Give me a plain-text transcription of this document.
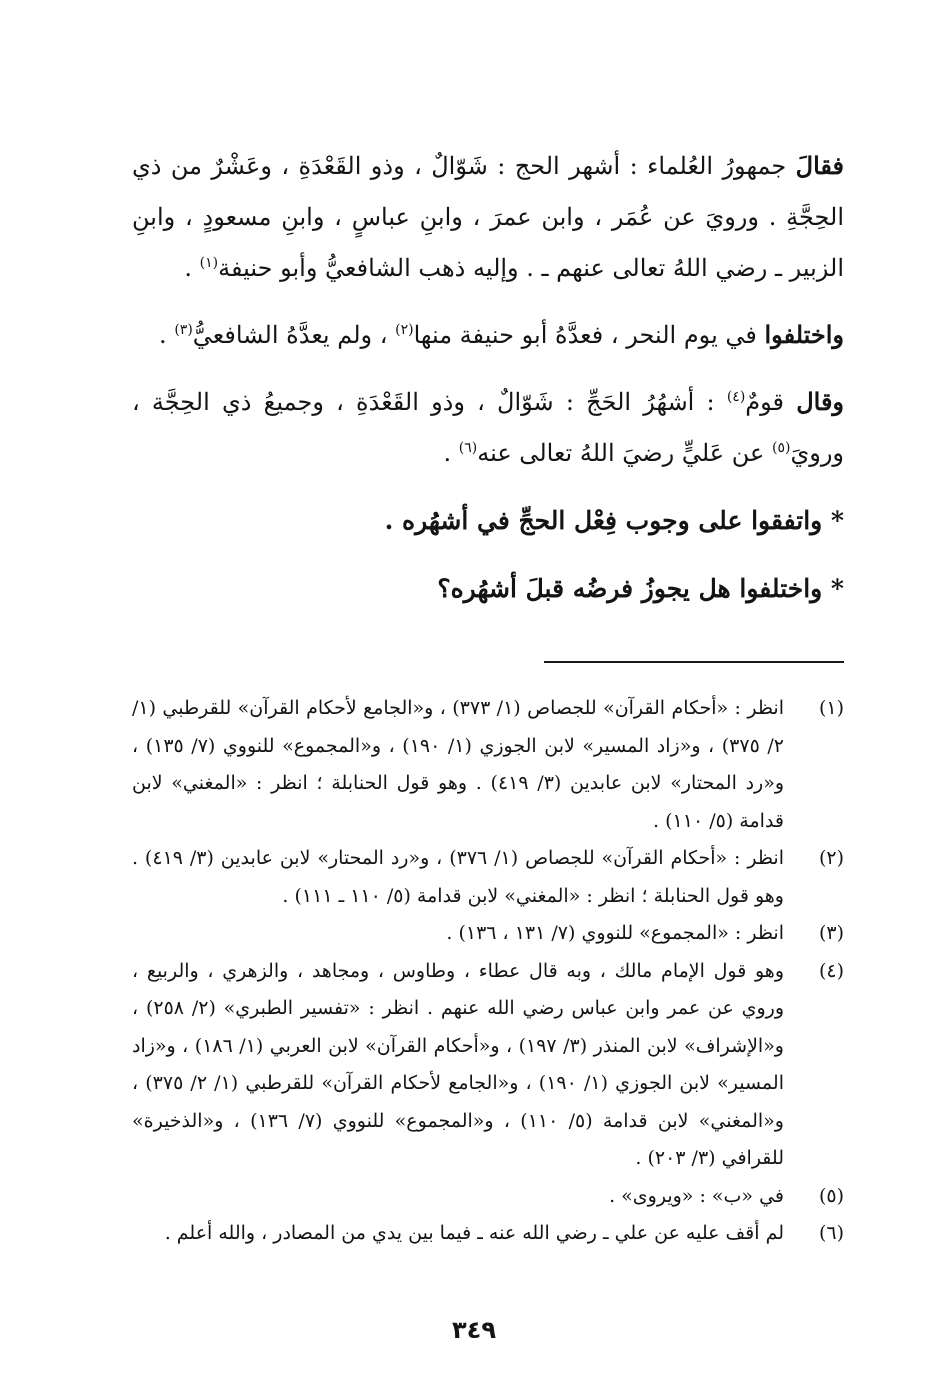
فقالَ جمهورُ العُلماء : أشهر الحج : شَوّالٌ ، وذو القَعْدَةِ ، وعَشْرٌ من ذي الحِجَّةِ . ورويَ عن عُمَر ، وابن عمرَ ، وابنِ عباسٍ ، وابنِ مسعودٍ ، وابنِ الزبير ـ رضي اللهُ تعالى عنهم ـ . وإليه ذهب الشافعيُّ وأبو حنيفة$^{(١)}$ .

واختلفوا في يوم النحر ، فعدَّهُ أبو حنيفة منها$^{(٢)}$ ، ولم يعدَّهُ الشافعيُّ$^{(٣)}$ .

وقال قومٌ$^{(٤)}$ : أشهُرُ الحَجِّ : شَوّالٌ ، وذو القَعْدَةِ ، وجميعُ ذي الحِجَّة ، ورويَ$^{(٥)}$ عن عَليٍّ رضيَ اللهُ تعالى عنه$^{(٦)}$ .

* واتفقوا على وجوب فِعْل الحجِّ في أشهُره .

* واختلفوا هل يجوزُ فرضُه قبلَ أشهُره؟

(١)
انظر : «أحكام القرآن» للجصاص (١/ ٣٧٣) ، و«الجامع لأحكام القرآن» للقرطبي (١/ ٢/ ٣٧٥) ، و«زاد المسير» لابن الجوزي (١/ ١٩٠) ، و«المجموع» للنووي (٧/ ١٣٥) ، و«رد المحتار» لابن عابدين (٣/ ٤١٩) . وهو قول الحنابلة ؛ انظر : «المغني» لابن قدامة (٥/ ١١٠) .
(٢)
انظر : «أحكام القرآن» للجصاص (١/ ٣٧٦) ، و«رد المحتار» لابن عابدين (٣/ ٤١٩) . وهو قول الحنابلة ؛ انظر : «المغني» لابن قدامة (٥/ ١١٠ ـ ١١١) .
(٣)
انظر : «المجموع» للنووي (٧/ ١٣١ ، ١٣٦) .
(٤)
وهو قول الإمام مالك ، وبه قال عطاء ، وطاوس ، ومجاهد ، والزهري ، والربيع ، وروي عن عمر وابن عباس رضي الله عنهم . انظر : «تفسير الطبري» (٢/ ٢٥٨) ، و«الإشراف» لابن المنذر (٣/ ١٩٧) ، و«أحكام القرآن» لابن العربي (١/ ١٨٦) ، و«زاد المسير» لابن الجوزي (١/ ١٩٠) ، و«الجامع لأحكام القرآن» للقرطبي (١/ ٢/ ٣٧٥) ، و«المغني» لابن قدامة (٥/ ١١٠) ، و«المجموع» للنووي (٧/ ١٣٦) ، و«الذخيرة» للقرافي (٣/ ٢٠٣) .
(٥)
في «ب» : «ويروى» .
(٦)
لم أقف عليه عن علي ـ رضي الله عنه ـ فيما بين يدي من المصادر ، والله أعلم .
٣٤٩
